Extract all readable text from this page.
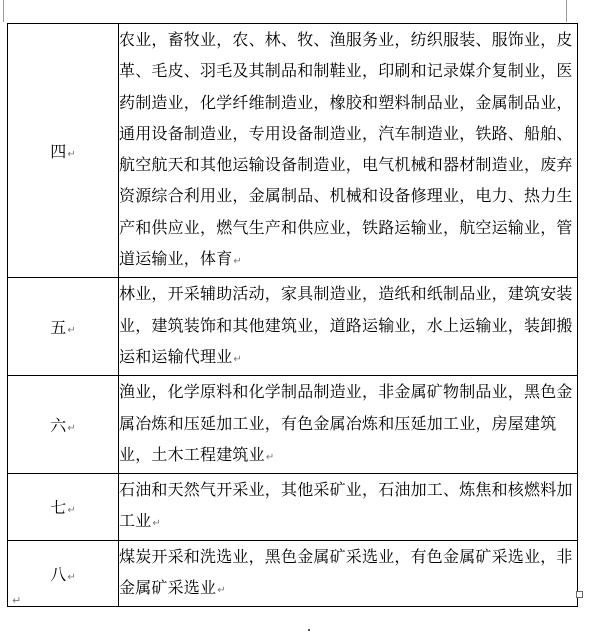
四↵	农业，畜牧业，农、林、牧、渔服务业，纺织服装、服饰业，皮革、毛皮、羽毛及其制品和制鞋业，印刷和记录媒介复制业，医药制造业，化学纤维制造业，橡胶和塑料制品业，金属制品业，通用设备制造业，专用设备制造业，汽车制造业，铁路、船舶、航空航天和其他运输设备制造业，电气机械和器材制造业，废弃资源综合利用业，金属制品、机械和设备修理业，电力、热力生产和供应业，燃气生产和供应业，铁路运输业，航空运输业，管道运输业，体育↵
五↵	林业，开采辅助活动，家具制造业，造纸和纸制品业，建筑安装业，建筑装饰和其他建筑业，道路运输业，水上运输业，装卸搬运和运输代理业↵
六↵	渔业，化学原料和化学制品制造业，非金属矿物制品业，黑色金属冶炼和压延加工业，有色金属冶炼和压延加工业，房屋建筑业，土木工程建筑业↵
七↵	石油和天然气开采业，其他采矿业，石油加工、炼焦和核燃料加工业↵
八↵	煤炭开采和洗选业，黑色金属矿采选业，有色金属矿采选业，非金属矿采选业↵
↵
